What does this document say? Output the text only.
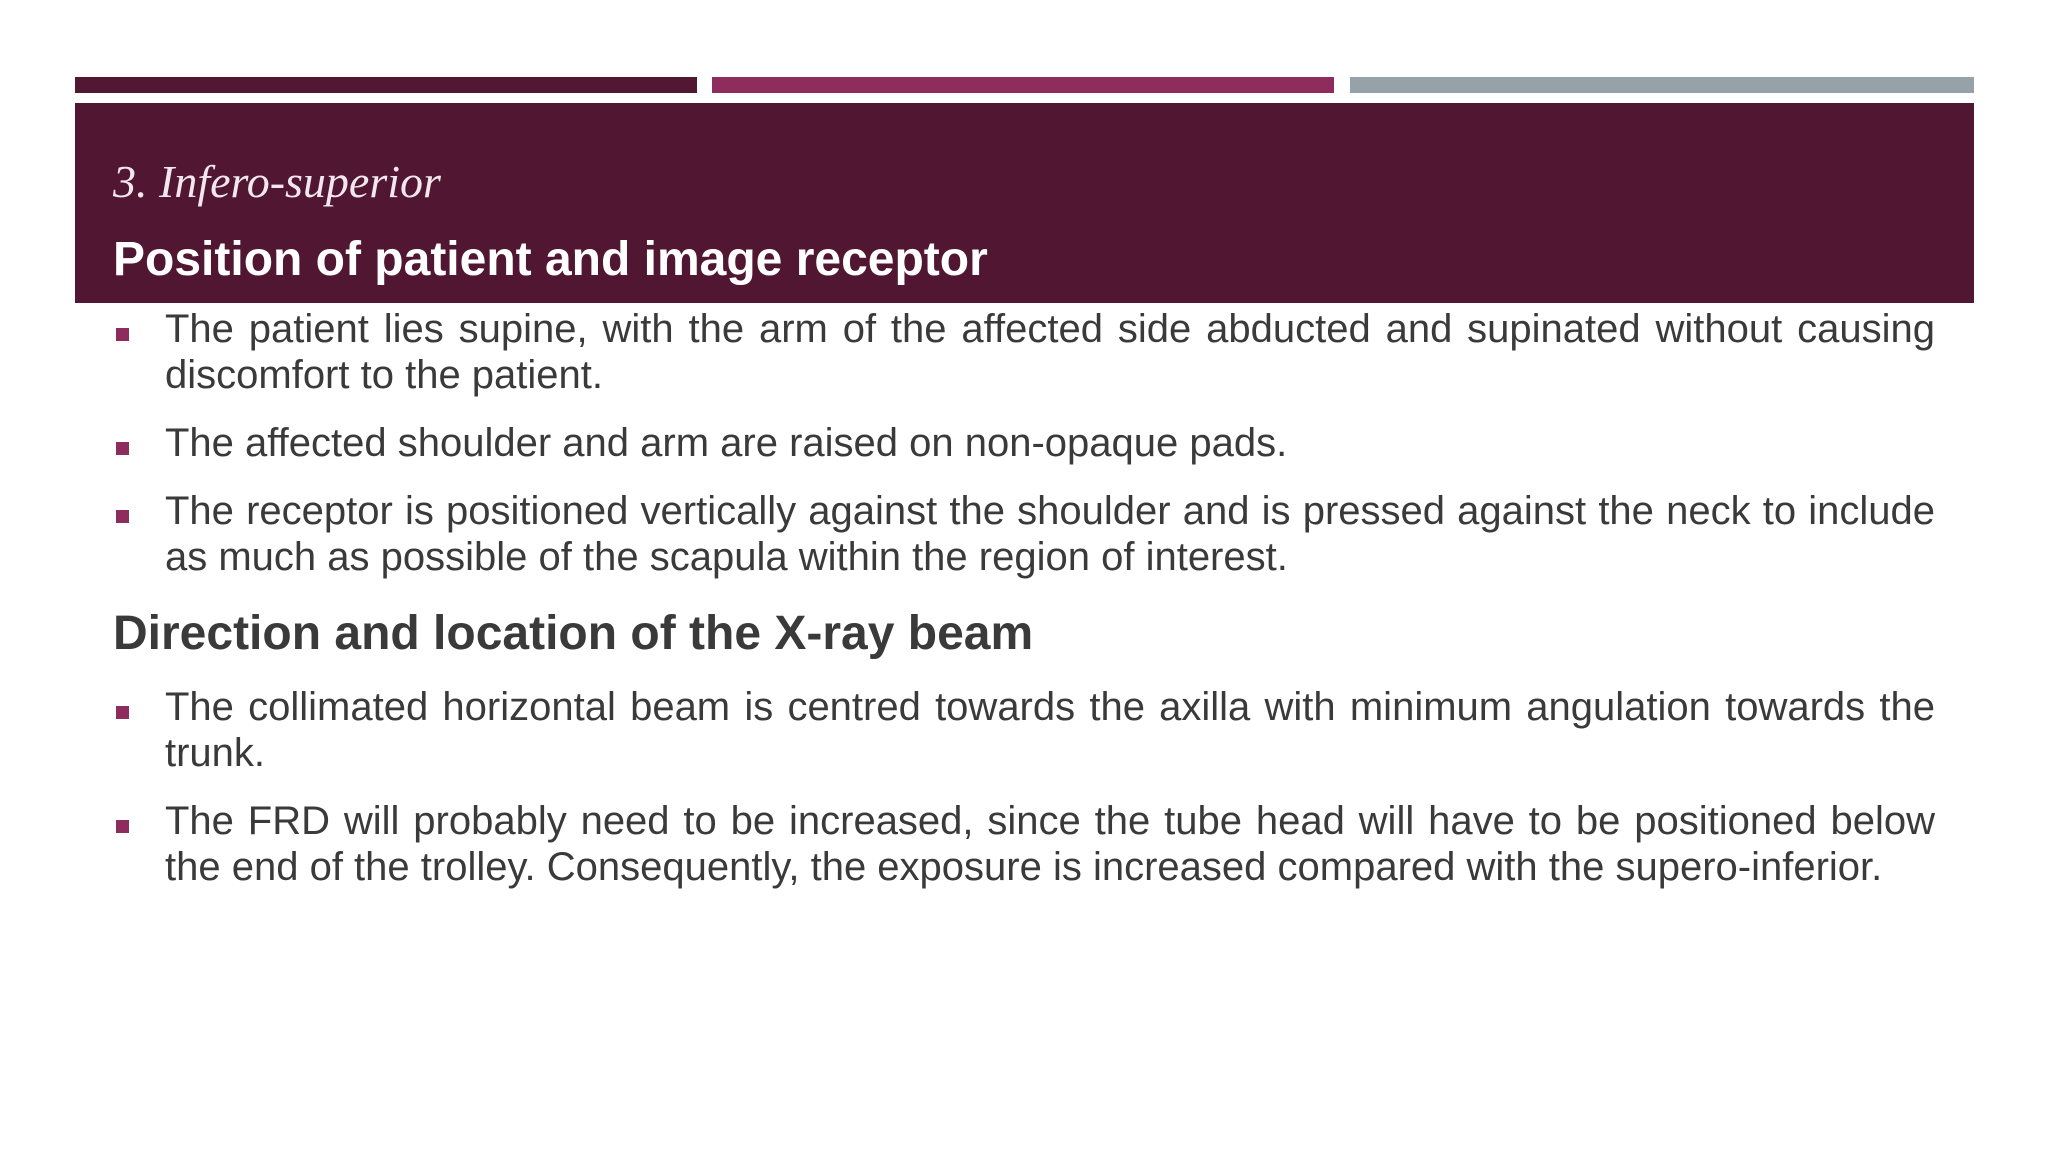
3. Infero-superior
Position of patient and image receptor
The patient lies supine, with the arm of the affected side abducted and supinated without causing discomfort to the patient.
The affected shoulder and arm are raised on non-opaque pads.
The receptor is positioned vertically against the shoulder and is pressed against the neck to include as much as possible of the scapula within the region of interest.
Direction and location of the X-ray beam
The collimated horizontal beam is centred towards the axilla with minimum angulation towards the trunk.
The FRD will probably need to be increased, since the tube head will have to be positioned below the end of the trolley. Consequently, the exposure is increased compared with the supero-inferior.
